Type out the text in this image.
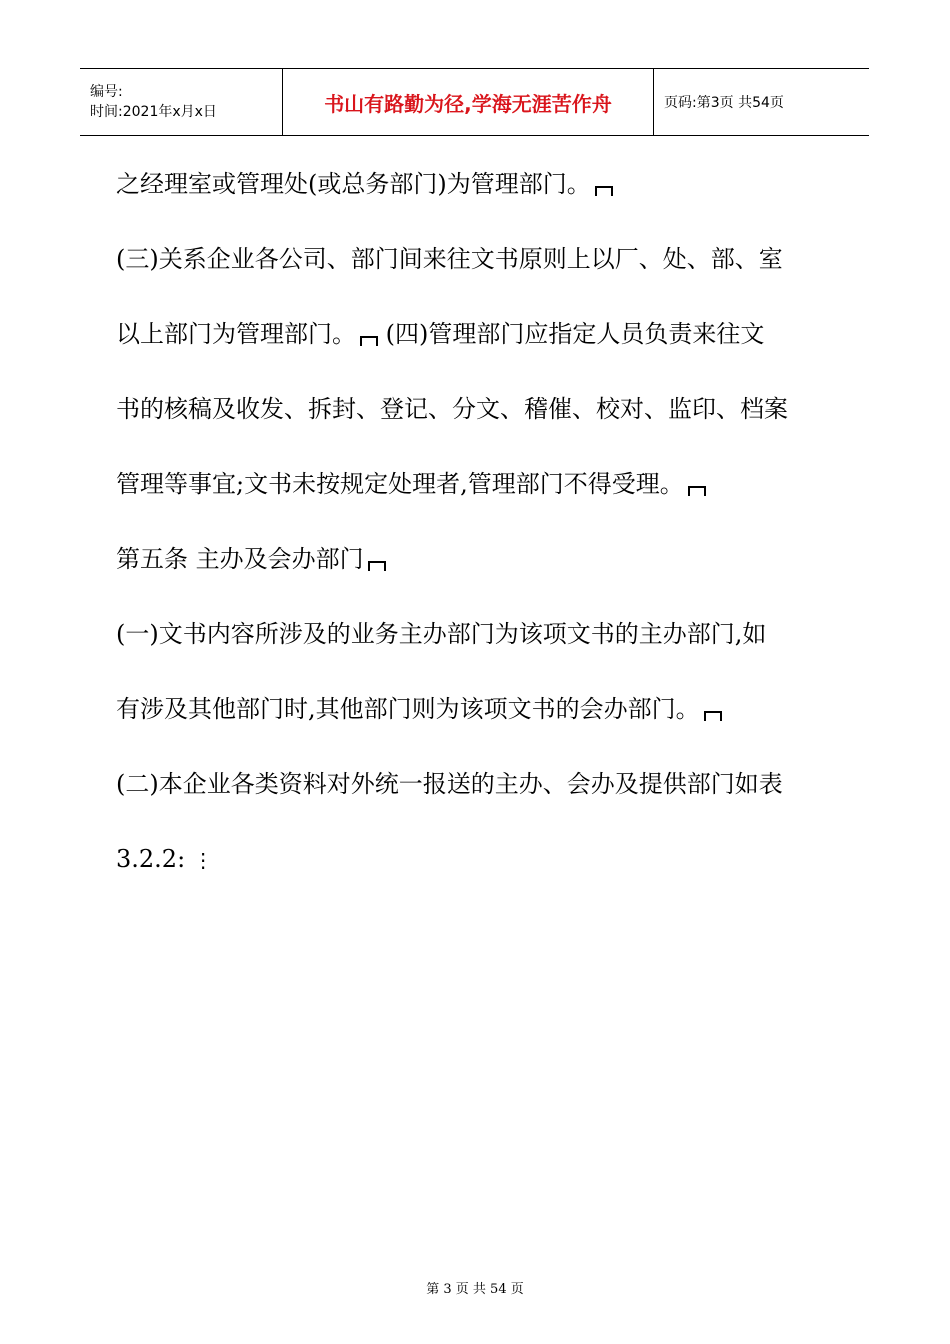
编号:
时间:2021年x月x日	书山有路勤为径,学海无涯苦作舟	页码:第3页 共54页

之经理室或管理处(或总务部门)为管理部门。

(三)关系企业各公司、部门间来往文书原则上以厂、处、部、室

以上部门为管理部门。 (四)管理部门应指定人员负责来往文

书的核稿及收发、拆封、登记、分文、稽催、校对、监印、档案

管理等事宜;文书未按规定处理者,管理部门不得受理。

第五条 主办及会办部门

(一)文书内容所涉及的业务主办部门为该项文书的主办部门,如

有涉及其他部门时,其他部门则为该项文书的会办部门。

(二)本企业各类资料对外统一报送的主办、会办及提供部门如表

3.2.2: ⋮

第 3 页 共 54 页
